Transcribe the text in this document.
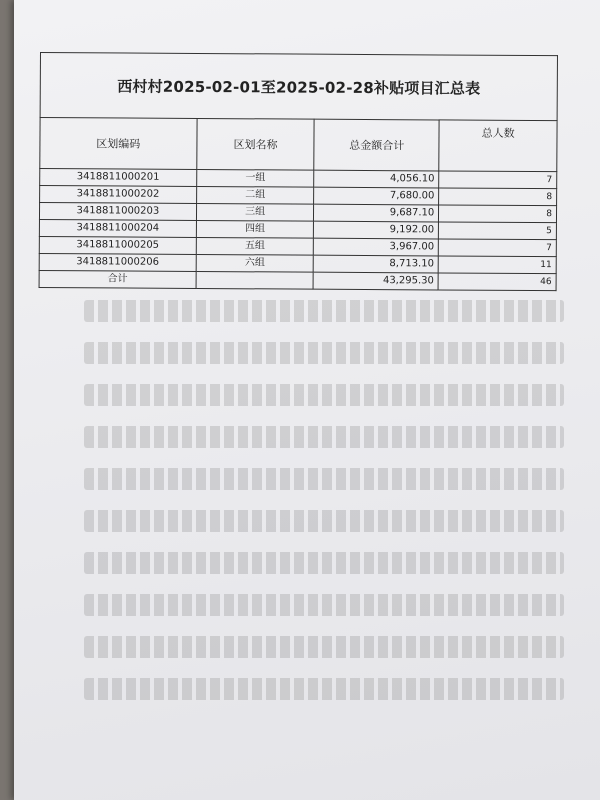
西村村2025-02-01至2025-02-28补贴项目汇总表			
区划编码	区划名称	总金额合计	总人数
3418811000201	一组	4,056.10	7
3418811000202	二组	7,680.00	8
3418811000203	三组	9,687.10	8
3418811000204	四组	9,192.00	5
3418811000205	五组	3,967.00	7
3418811000206	六组	8,713.10	11
合计		43,295.30	46
